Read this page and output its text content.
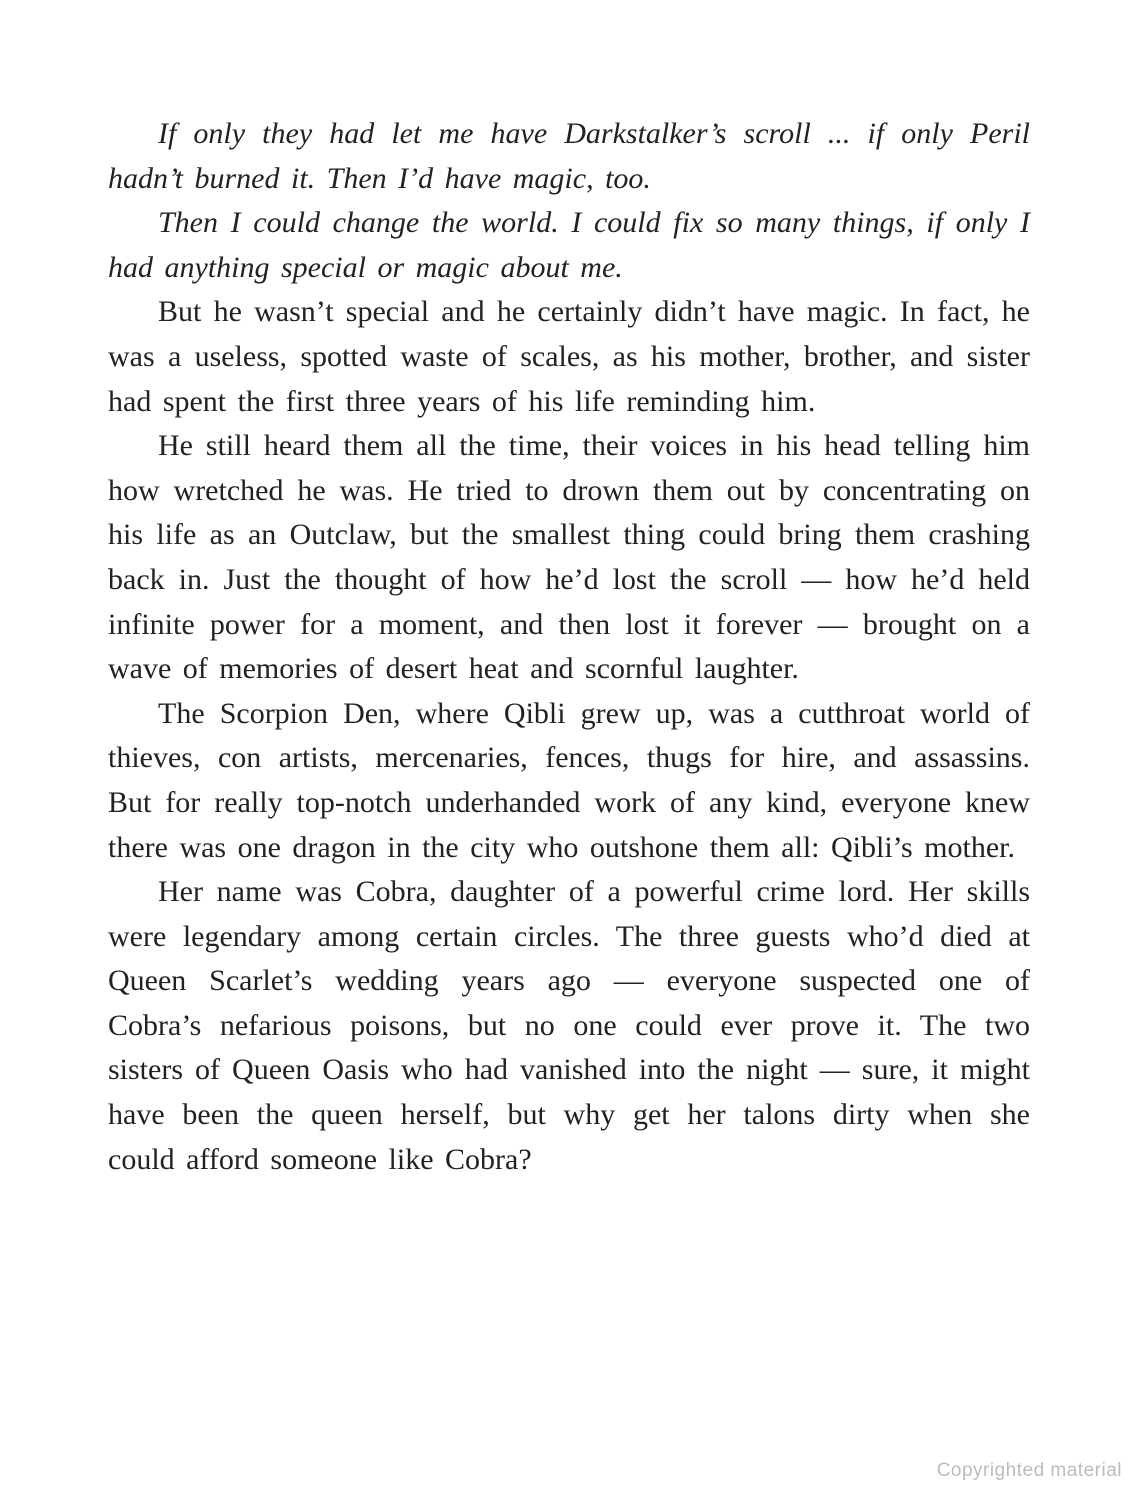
If only they had let me have Darkstalker’s scroll ... if only Peril hadn’t burned it. Then I’d have magic, too.

Then I could change the world. I could fix so many things, if only I had anything special or magic about me.

But he wasn’t special and he certainly didn’t have magic. In fact, he was a useless, spotted waste of scales, as his mother, brother, and sister had spent the first three years of his life reminding him.

He still heard them all the time, their voices in his head telling him how wretched he was. He tried to drown them out by concentrating on his life as an Outclaw, but the smallest thing could bring them crashing back in. Just the thought of how he’d lost the scroll — how he’d held infinite power for a moment, and then lost it forever — brought on a wave of memories of desert heat and scornful laughter.

The Scorpion Den, where Qibli grew up, was a cutthroat world of thieves, con artists, mercenaries, fences, thugs for hire, and assassins. But for really top-notch underhanded work of any kind, everyone knew there was one dragon in the city who outshone them all: Qibli’s mother.

Her name was Cobra, daughter of a powerful crime lord. Her skills were legendary among certain circles. The three guests who’d died at Queen Scarlet’s wedding years ago — everyone suspected one of Cobra’s nefarious poisons, but no one could ever prove it. The two sisters of Queen Oasis who had vanished into the night — sure, it might have been the queen herself, but why get her talons dirty when she could afford someone like Cobra?

Copyrighted material
